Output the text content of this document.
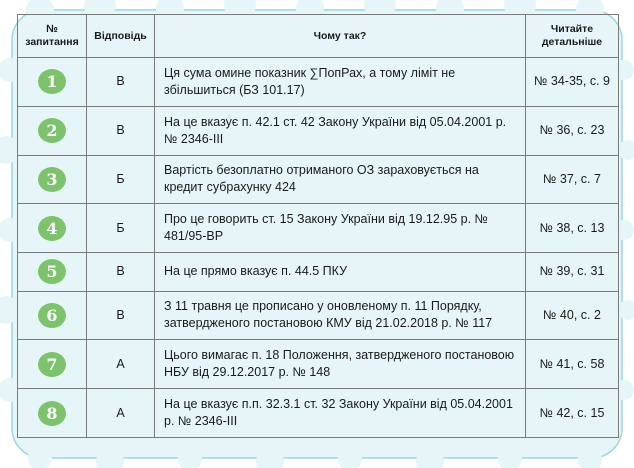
№ запитання	Відповідь	Чому так?	Читайте детальніше
1	В	Ця сума омине показник ∑ПопРах, а тому ліміт не збільшиться (БЗ 101.17)	№ 34-35, с. 9
2	В	На це вказує п. 42.1 ст. 42 Закону України від 05.04.2001 р. № 2346-ІІІ	№ 36, с. 23
3	Б	Вартість безоплатно отриманого ОЗ зараховується на кредит субрахунку 424	№ 37, с. 7
4	Б	Про це говорить ст. 15 Закону України від 19.12.95 р. № 481/95-ВР	№ 38, с. 13
5	В	На це прямо вказує п. 44.5 ПКУ	№ 39, с. 31
6	В	З 11 травня це прописано у оновленому п. 11 Порядку, затвердженого постановою КМУ від 21.02.2018 р. № 117	№ 40, с. 2
7	А	Цього вимагає п. 18 Положення, затвердженого постановою НБУ від 29.12.2017 р. № 148	№ 41, с. 58
8	А	На це вказує п.п. 32.3.1 ст. 32 Закону України від 05.04.2001 р. № 2346-ІІІ	№ 42, с. 15
